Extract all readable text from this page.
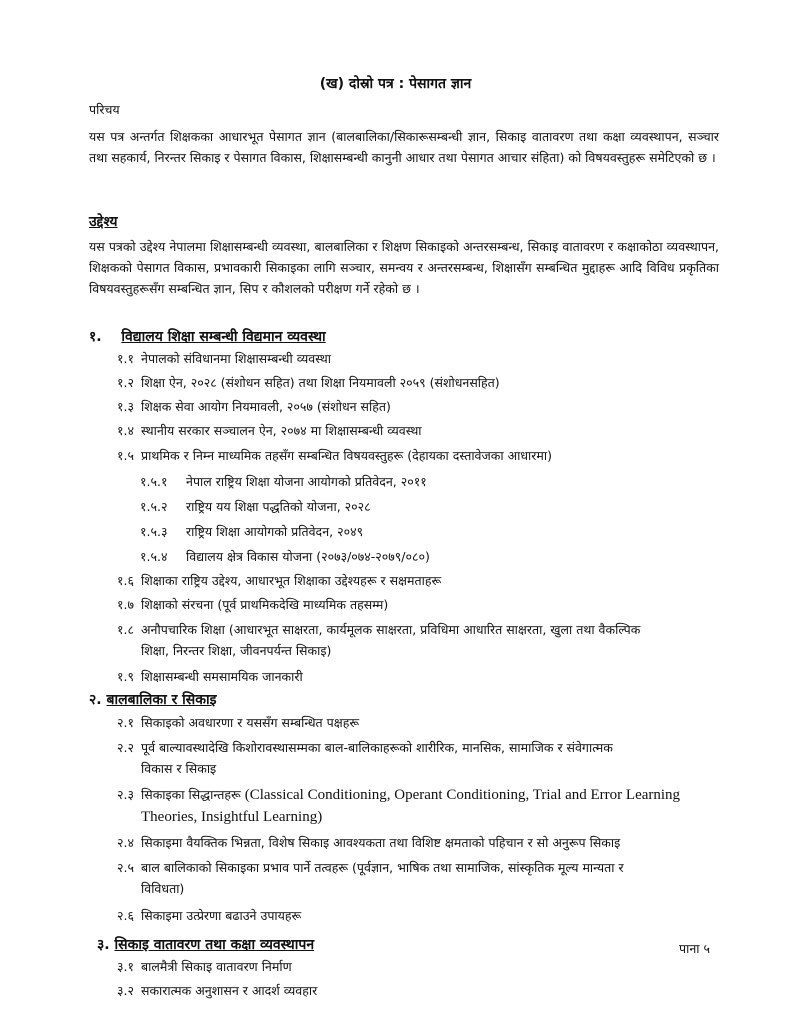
(ख) दोस्रो पत्र : पेसागत ज्ञान
परिचय
यस पत्र अन्तर्गत शिक्षकका आधारभूत पेसागत ज्ञान (बालबालिका/सिकारूसम्बन्धी ज्ञान, सिकाइ वातावरण तथा कक्षा व्यवस्थापन, सञ्चार तथा सहकार्य, निरन्तर सिकाइ र पेसागत विकास, शिक्षासम्बन्धी कानुनी आधार तथा पेसागत आचार संहिता) को विषयवस्तुहरू समेटिएको छ ।
उद्देश्य
यस पत्रको उद्देश्य नेपालमा शिक्षासम्बन्धी व्यवस्था, बालबालिका र शिक्षण सिकाइको अन्तरसम्बन्ध, सिकाइ वातावरण र कक्षाकोठा व्यवस्थापन, शिक्षकको पेसागत विकास, प्रभावकारी सिकाइका लागि सञ्चार, समन्वय र अन्तरसम्बन्ध, शिक्षासँग सम्बन्धित मुद्दाहरू आदि विविध प्रकृतिका विषयवस्तुहरूसँग सम्बन्धित ज्ञान, सिप र कौशलको परीक्षण गर्ने रहेको छ ।
१. विद्यालय शिक्षा सम्बन्धी विद्यमान व्यवस्था
१.१ नेपालको संविधानमा शिक्षासम्बन्धी व्यवस्था
१.२ शिक्षा ऐन, २०२८ (संशोधन सहित) तथा शिक्षा नियमावली २०५९ (संशोधनसहित)
१.३ शिक्षक सेवा आयोग नियमावली, २०५७ (संशोधन सहित)
१.४ स्थानीय सरकार सञ्चालन ऐन, २०७४ मा शिक्षासम्बन्धी व्यवस्था
१.५ प्राथमिक र निम्न माध्यमिक तहसँग सम्बन्धित विषयवस्तुहरू (देहायका दस्तावेजका आधारमा)
१.५.१ नेपाल राष्ट्रिय शिक्षा योजना आयोगको प्रतिवेदन, २०११
१.५.२ राष्ट्रिय यय शिक्षा पद्धतिको योजना, २०२८
१.५.३ राष्ट्रिय शिक्षा आयोगको प्रतिवेदन, २०४९
१.५.४ विद्यालय क्षेत्र विकास योजना (२०७३/०७४-२०७९/०८०)
१.६ शिक्षाका राष्ट्रिय उद्देश्य, आधारभूत शिक्षाका उद्देश्यहरू र सक्षमताहरू
१.७ शिक्षाको संरचना (पूर्व प्राथमिकदेखि माध्यमिक तहसम्म)
१.८ अनौपचारिक शिक्षा (आधारभूत साक्षरता, कार्यमूलक साक्षरता, प्रविधिमा आधारित साक्षरता, खुला तथा वैकल्पिक
शिक्षा, निरन्तर शिक्षा, जीवनपर्यन्त सिकाइ)
१.९ शिक्षासम्बन्धी समसामयिक जानकारी
२. बालबालिका र सिकाइ
२.१ सिकाइको अवधारणा र यससँग सम्बन्धित पक्षहरू
२.२ पूर्व बाल्यावस्थादेखि किशोरावस्थासम्मका बाल-बालिकाहरूको शारीरिक, मानसिक, सामाजिक र संवेगात्मक
विकास र सिकाइ
२.३ सिकाइका सिद्धान्तहरू (Classical Conditioning, Operant Conditioning, Trial and Error Learning
Theories, Insightful Learning)
२.४ सिकाइमा वैयक्तिक भिन्नता, विशेष सिकाइ आवश्यकता तथा विशिष्ट क्षमताको पहिचान र सो अनुरूप सिकाइ
२.५ बाल बालिकाको सिकाइका प्रभाव पार्ने तत्वहरू (पूर्वज्ञान, भाषिक तथा सामाजिक, सांस्कृतिक मूल्य मान्यता र
विविधता)
२.६ सिकाइमा उत्प्रेरणा बढाउने उपायहरू
३. सिकाइ वातावरण तथा कक्षा व्यवस्थापन
३.१ बालमैत्री सिकाइ वातावरण निर्माण
३.२ सकारात्मक अनुशासन र आदर्श व्यवहार
पाना ५
